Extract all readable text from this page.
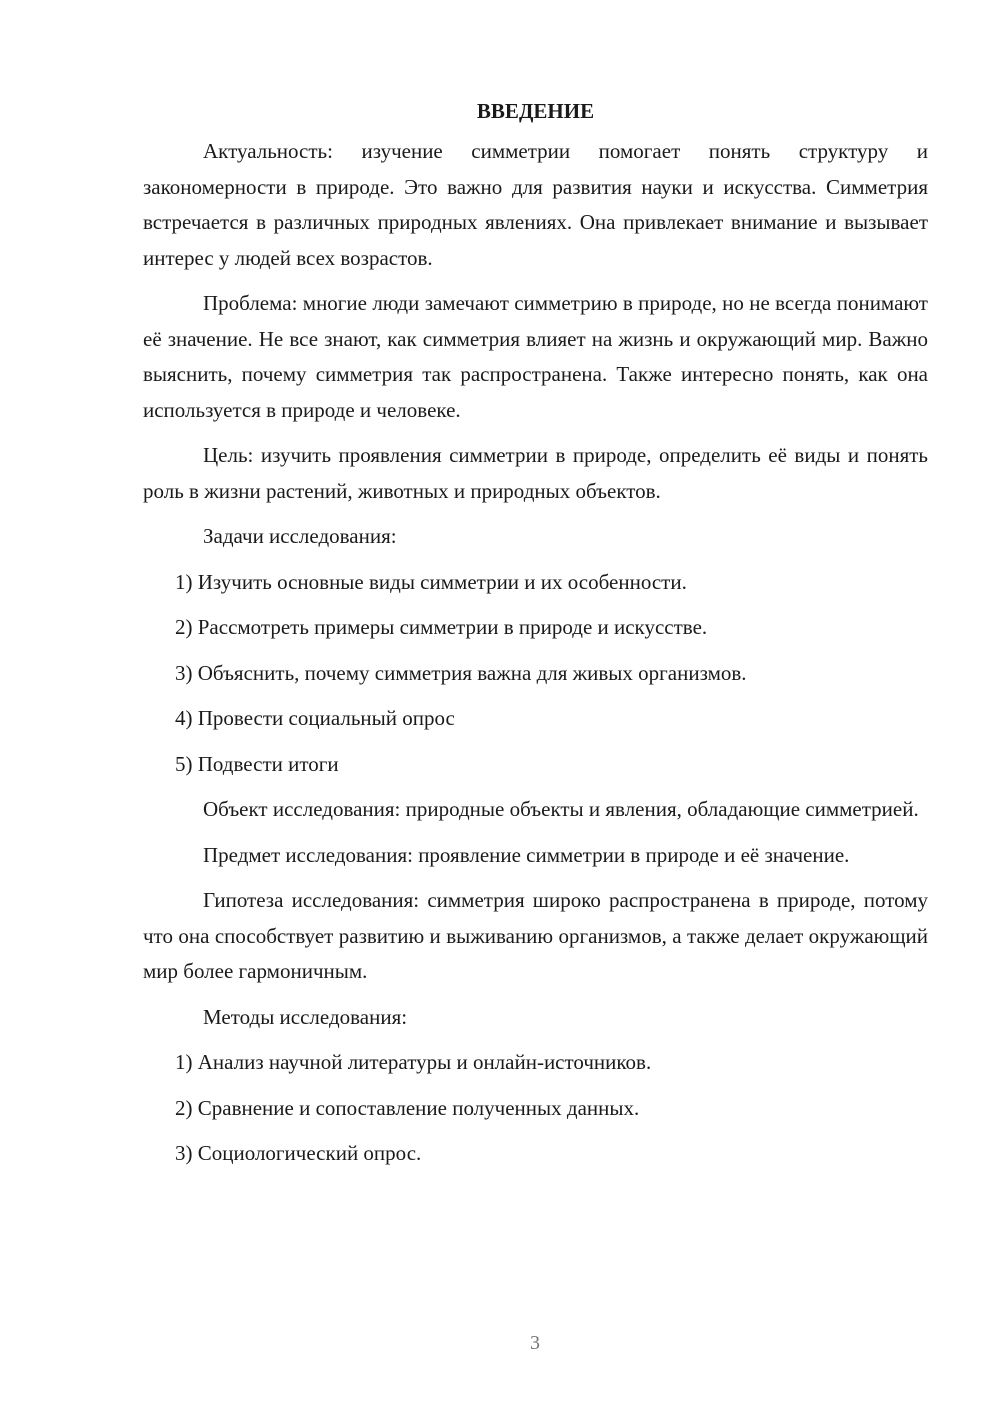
ВВЕДЕНИЕ

Актуальность: изучение симметрии помогает понять структуру и закономерности в природе. Это важно для развития науки и искусства. Симметрия встречается в различных природных явлениях. Она привлекает внимание и вызывает интерес у людей всех возрастов.

Проблема: многие люди замечают симметрию в природе, но не всегда понимают её значение. Не все знают, как симметрия влияет на жизнь и окружающий мир. Важно выяснить, почему симметрия так распространена. Также интересно понять, как она используется в природе и человеке.

Цель: изучить проявления симметрии в природе, определить её виды и понять роль в жизни растений, животных и природных объектов.

Задачи исследования:

1) Изучить основные виды симметрии и их особенности.

2) Рассмотреть примеры симметрии в природе и искусстве.

3) Объяснить, почему симметрия важна для живых организмов.

4) Провести социальный опрос

5) Подвести итоги

Объект исследования: природные объекты и явления, обладающие симметрией.

Предмет исследования: проявление симметрии в природе и её значение.

Гипотеза исследования: симметрия широко распространена в природе, потому что она способствует развитию и выживанию организмов, а также делает окружающий мир более гармоничным.

Методы исследования:

1) Анализ научной литературы и онлайн-источников.

2) Сравнение и сопоставление полученных данных.

3) Социологический опрос.

3
